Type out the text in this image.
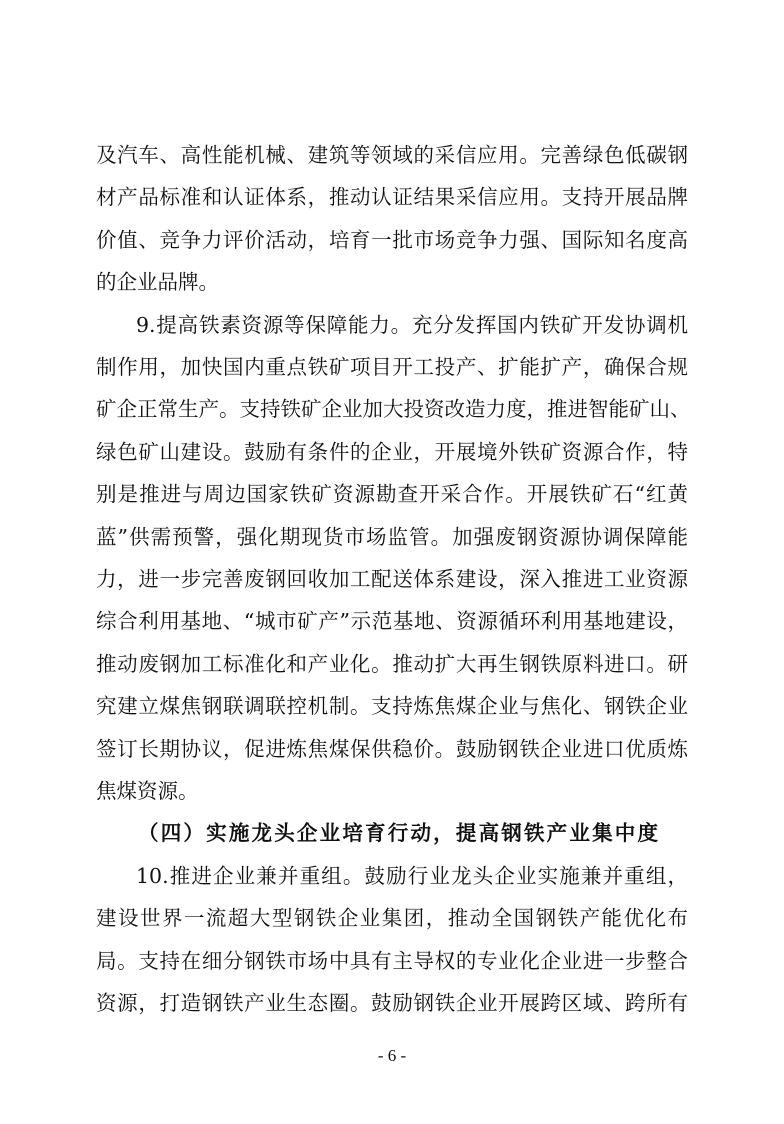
及汽车、高性能机械、建筑等领域的采信应用。完善绿色低碳钢
材产品标准和认证体系，推动认证结果采信应用。支持开展品牌
价值、竞争力评价活动，培育一批市场竞争力强、国际知名度高
的企业品牌。
9.提高铁素资源等保障能力。充分发挥国内铁矿开发协调机
制作用，加快国内重点铁矿项目开工投产、扩能扩产，确保合规
矿企正常生产。支持铁矿企业加大投资改造力度，推进智能矿山、
绿色矿山建设。鼓励有条件的企业，开展境外铁矿资源合作，特
别是推进与周边国家铁矿资源勘查开采合作。开展铁矿石“红黄
蓝”供需预警，强化期现货市场监管。加强废钢资源协调保障能
力，进一步完善废钢回收加工配送体系建设，深入推进工业资源
综合利用基地、“城市矿产”示范基地、资源循环利用基地建设，
推动废钢加工标准化和产业化。推动扩大再生钢铁原料进口。研
究建立煤焦钢联调联控机制。支持炼焦煤企业与焦化、钢铁企业
签订长期协议，促进炼焦煤保供稳价。鼓励钢铁企业进口优质炼
焦煤资源。
（四）实施龙头企业培育行动，提高钢铁产业集中度
10.推进企业兼并重组。鼓励行业龙头企业实施兼并重组，
建设世界一流超大型钢铁企业集团，推动全国钢铁产能优化布
局。支持在细分钢铁市场中具有主导权的专业化企业进一步整合
资源，打造钢铁产业生态圈。鼓励钢铁企业开展跨区域、跨所有
- 6 -
